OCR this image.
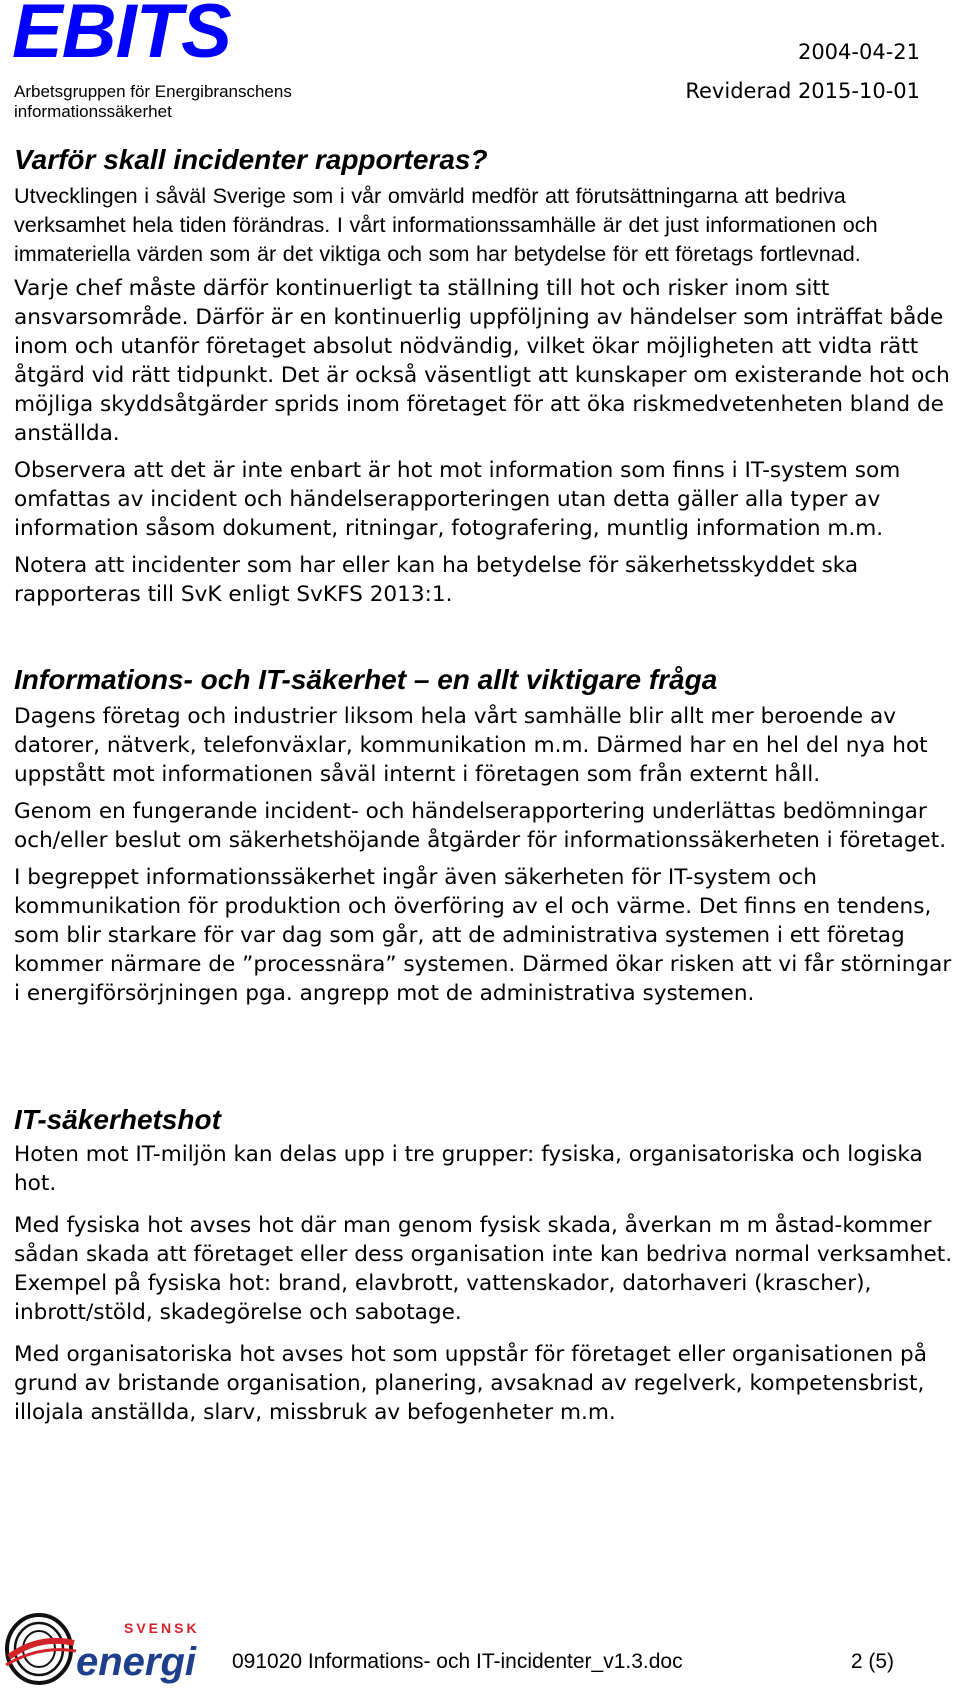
EBITS
Arbetsgruppen för Energibranschens
informationssäkerhet
2004-04-21
Reviderad 2015-10-01
Varför skall incidenter rapporteras?

Utvecklingen i såväl Sverige som i vår omvärld medför att förutsättningarna att bedriva verksamhet hela tiden förändras. I vårt informationssamhälle är det just informationen och immateriella värden som är det viktiga och som har betydelse för ett företags fortlevnad.

Varje chef måste därför kontinuerligt ta ställning till hot och risker inom sitt ansvarsområde. Därför är en kontinuerlig uppföljning av händelser som inträffat både inom och utanför företaget absolut nödvändig, vilket ökar möjligheten att vidta rätt åtgärd vid rätt tidpunkt. Det är också väsentligt att kunskaper om existerande hot och möjliga skyddsåtgärder sprids inom företaget för att öka riskmedvetenheten bland de anställda.

Observera att det är inte enbart är hot mot information som finns i IT-system som omfattas av incident och händelserapporteringen utan detta gäller alla typer av information såsom dokument, ritningar, fotografering, muntlig information m.m.

Notera att incidenter som har eller kan ha betydelse för säkerhetsskyddet ska rapporteras till SvK enligt SvKFS 2013:1.

Informations- och IT-säkerhet – en allt viktigare fråga

Dagens företag och industrier liksom hela vårt samhälle blir allt mer beroende av datorer, nätverk, telefonväxlar, kommunikation m.m. Därmed har en hel del nya hot uppstått mot informationen såväl internt i företagen som från externt håll.

Genom en fungerande incident- och händelserapportering underlättas bedömningar och/eller beslut om säkerhetshöjande åtgärder för informationssäkerheten i företaget.

I begreppet informationssäkerhet ingår även säkerheten för IT-system och kommunikation för produktion och överföring av el och värme. Det finns en tendens, som blir starkare för var dag som går, att de administrativa systemen i ett företag kommer närmare de ”processnära” systemen. Därmed ökar risken att vi får störningar i energiförsörjningen pga. angrepp mot de administrativa systemen.

IT-säkerhetshot

Hoten mot IT-miljön kan delas upp i tre grupper: fysiska, organisatoriska och logiska hot.

Med fysiska hot avses hot där man genom fysisk skada, åverkan m m åstad-kommer sådan skada att företaget eller dess organisation inte kan bedriva normal verksamhet. Exempel på fysiska hot: brand, elavbrott, vattenskador, datorhaveri (krascher), inbrott/stöld, skadegörelse och sabotage.

Med organisatoriska hot avses hot som uppstår för företaget eller organisationen på grund av bristande organisation, planering, avsaknad av regelverk, kompetensbrist, illojala anställda, slarv, missbruk av befogenheter m.m.

SVENSK
energi 091020 Informations- och IT-incidenter_v1.3.doc	2 (5)
